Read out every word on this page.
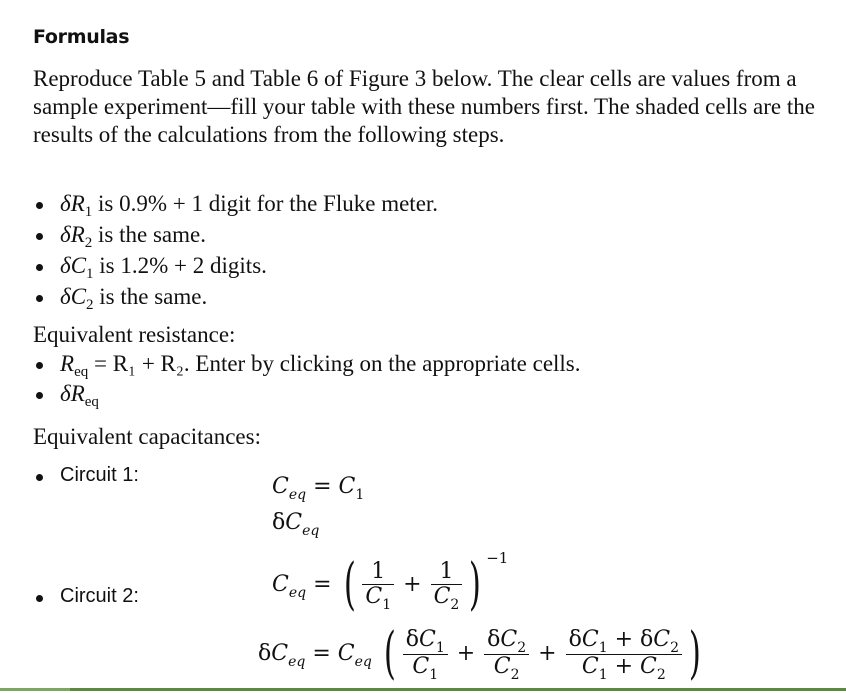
Formulas
Reproduce Table 5 and Table 6 of Figure 3 below. The clear cells are values from a sample experiment—fill your table with these numbers first. The shaded cells are the results of the calculations from the following steps.
$\delta R_1$ is 0.9% + 1 digit for the Fluke meter.
$\delta R_2$ is the same.
$\delta C_1$ is 1.2% + 2 digits.
$\delta C_2$ is the same.
Equivalent resistance:
$R_{eq} = R_1 + R_2$. Enter by clicking on the appropriate cells.
$\delta R_{eq}$
Equivalent capacitances:
Circuit 1:
Circuit 2:
$C_{eq} = C_1$
$\delta C_{eq}$
$C_{eq}$ = ( $\frac{1}{C_1} + \frac{1}{C_2}$ ) $^{-1}$
$\delta C_{eq} = C_{eq}$ ( $\frac{\delta C_1}{C_1} + \frac{\delta C_2}{C_2} + \frac{\delta C_1 + \delta C_2}{C_1 + C_2}$ )
